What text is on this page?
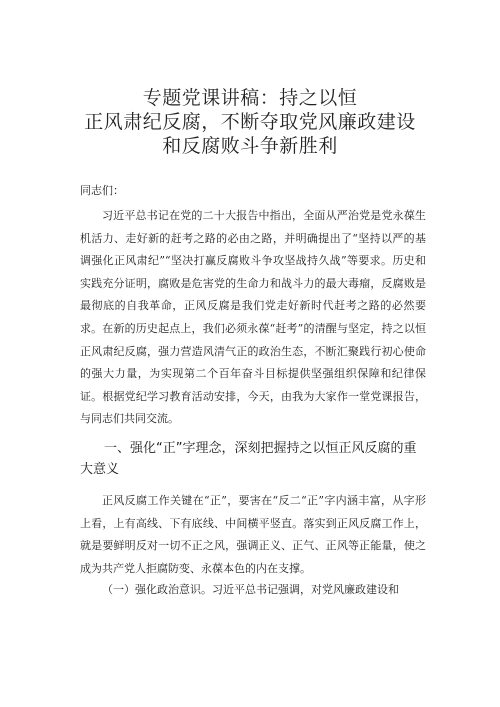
专题党课讲稿：持之以恒
正风肃纪反腐，不断夺取党风廉政建设
和反腐败斗争新胜利
同志们：

习近平总书记在党的二十大报告中指出，全面从严治党是党永葆生机活力、走好新的赶考之路的必由之路，并明确提出了“坚持以严的基调强化正风肃纪”“坚决打赢反腐败斗争攻坚战持久战”等要求。历史和实践充分证明，腐败是危害党的生命力和战斗力的最大毒瘤，反腐败是最彻底的自我革命，正风反腐是我们党走好新时代赶考之路的必然要求。在新的历史起点上，我们必须永葆“赶考”的清醒与坚定，持之以恒正风肃纪反腐，强力营造风清气正的政治生态，不断汇聚践行初心使命的强大力量，为实现第二个百年奋斗目标提供坚强组织保障和纪律保证。根据党纪学习教育活动安排，今天，由我为大家作一堂党课报告，与同志们共同交流。

一、强化“正”字理念，深刻把握持之以恒正风反腐的重大意义

正风反腐工作关键在“正”，要害在“反二“正”字内涵丰富，从字形上看，上有高线、下有底线、中间横平竖直。落实到正风反腐工作上，就是要鲜明反对一切不正之风，强调正义、正气、正风等正能量，使之成为共产党人拒腐防变、永葆本色的内在支撑。

（一）强化政治意识。习近平总书记强调，对党风廉政建设和
